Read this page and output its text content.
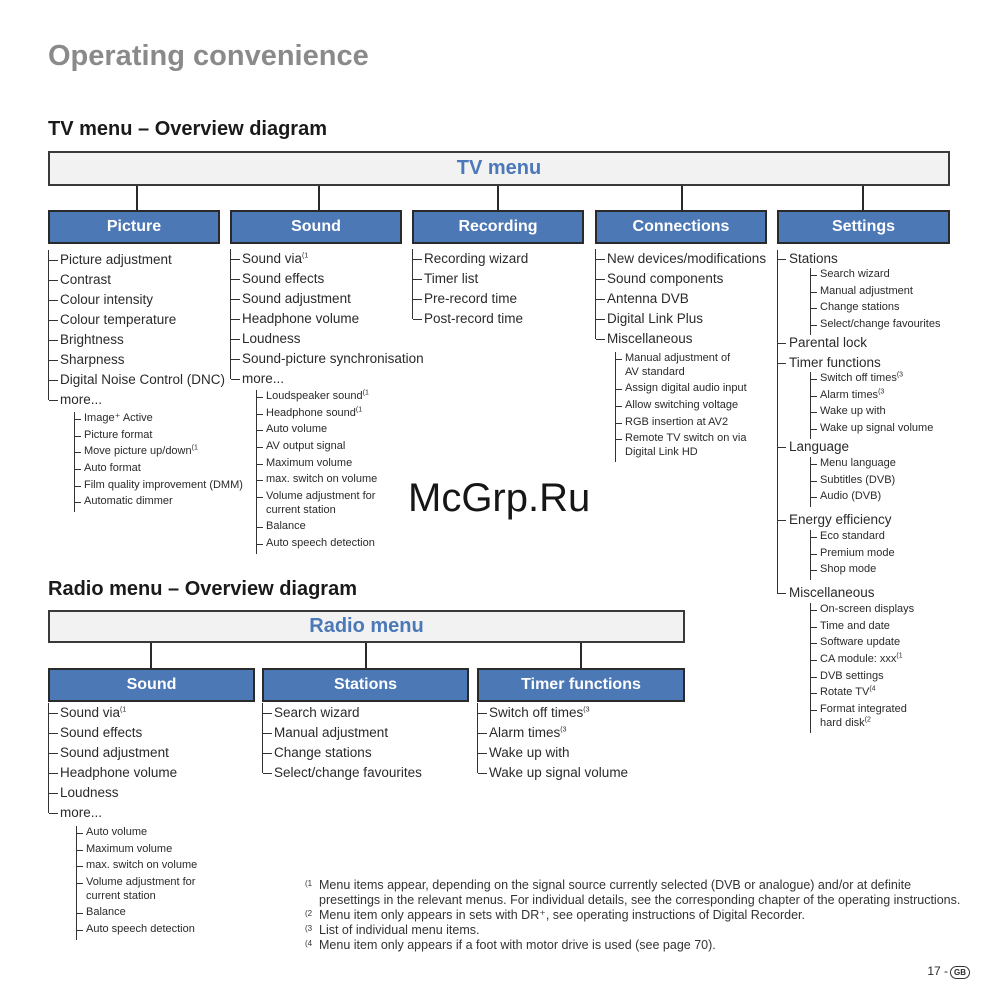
Operating convenience
TV menu – Overview diagram
TV menu
Picture	Sound	Recording	Connections	Settings
Picture adjustment
Contrast
Colour intensity
Colour temperature
Brightness
Sharpness
Digital Noise Control (DNC)
more...
Image⁺ Active
Picture format
Move picture up/down$^{(1}$
Auto format
Film quality improvement (DMM)
Automatic dimmer
Sound via$^{(1}$
Sound effects
Sound adjustment
Headphone volume
Loudness
Sound-picture synchronisation
more...
Loudspeaker sound$^{(1}$
Headphone sound$^{(1}$
Auto volume
AV output signal
Maximum volume
max. switch on volume
Volume adjustment for current station
Balance
Auto speech detection
Recording wizard
Timer list
Pre-record time
Post-record time
New devices/modifications
Sound components
Antenna DVB
Digital Link Plus
Miscellaneous
Manual adjustment of AV standard
Assign digital audio input
Allow switching voltage
RGB insertion at AV2
Remote TV switch on via Digital Link HD
Stations
Search wizard
Manual adjustment
Change stations
Select/change favourites
Parental lock
Timer functions
Switch off times$^{(3}$
Alarm times$^{(3}$
Wake up with
Wake up signal volume
Language
Menu language
Subtitles (DVB)
Audio (DVB)
Energy efficiency
Eco standard
Premium mode
Shop mode
Miscellaneous
On-screen displays
Time and date
Software update
CA module: xxx$^{(1}$
DVB settings
Rotate TV$^{(4}$
Format integrated hard disk$^{(2}$
McGrp.Ru
Radio menu – Overview diagram
Radio menu
Sound	Stations	Timer functions
Sound via$^{(1}$
Sound effects
Sound adjustment
Headphone volume
Loudness
more...
Auto volume
Maximum volume
max. switch on volume
Volume adjustment for current station
Balance
Auto speech detection
Search wizard
Manual adjustment
Change stations
Select/change favourites
Switch off times$^{(3}$
Alarm times$^{(3}$
Wake up with
Wake up signal volume
(1 Menu items appear, depending on the signal source currently selected (DVB or analogue) and/or at definite presettings in the relevant menus. For individual details, see the corresponding chapter of the operating instructions.
(2 Menu item only appears in sets with DR⁺, see operating instructions of Digital Recorder.
(3 List of individual menu items.
(4 Menu item only appears if a foot with motor drive is used (see page 70).
17 - GB
